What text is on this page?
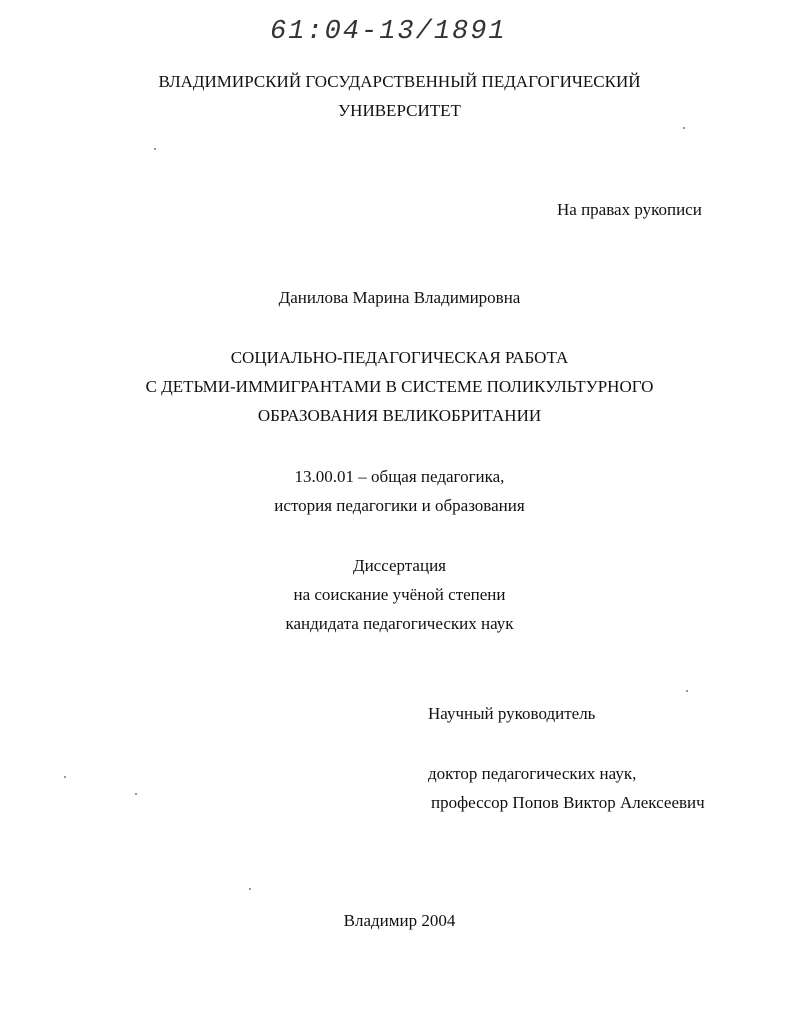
61:04-13/1891
ВЛАДИМИРСКИЙ ГОСУДАРСТВЕННЫЙ ПЕДАГОГИЧЕСКИЙ
УНИВЕРСИТЕТ
На правах рукописи
Данилова Марина Владимировна
СОЦИАЛЬНО-ПЕДАГОГИЧЕСКАЯ РАБОТА
С ДЕТЬМИ-ИММИГРАНТАМИ В СИСТЕМЕ ПОЛИКУЛЬТУРНОГО
ОБРАЗОВАНИЯ ВЕЛИКОБРИТАНИИ
13.00.01 – общая педагогика,
история педагогики и образования
Диссертация
на соискание учёной степени
кандидата педагогических наук
Научный руководитель
доктор педагогических наук,
профессор Попов Виктор Алексеевич
Владимир 2004
